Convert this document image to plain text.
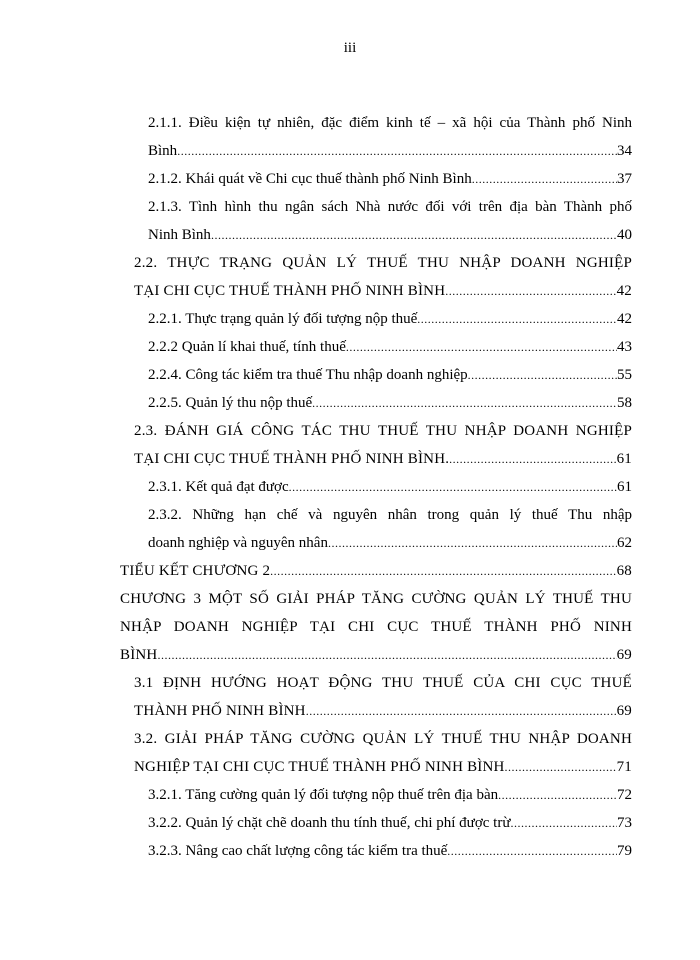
iii
2.1.1. Điều kiện tự nhiên, đặc điểm kinh tế – xã hội của Thành phố Ninh
Bình .....	34
2.1.2. Khái quát về Chi cục thuế thành phố Ninh Bình .....	37
2.1.3. Tình hình thu ngân sách Nhà nước đối với trên địa bàn Thành phố
Ninh Bình .....	40
2.2. THỰC TRẠNG QUẢN LÝ THUẾ THU NHẬP DOANH NGHIỆP
TẠI CHI CỤC THUẾ THÀNH PHỐ NINH BÌNH .....	42
2.2.1. Thực trạng quản lý đối tượng nộp thuế .....	42
2.2.2 Quản lí khai thuế, tính thuế .....	43
2.2.4. Công tác kiểm tra thuế Thu nhập doanh nghiệp .....	55
2.2.5. Quản lý thu nộp thuế .....	58
2.3. ĐÁNH GIÁ CÔNG TÁC THU THUẾ THU NHẬP DOANH NGHIỆP
TẠI CHI CỤC THUẾ THÀNH PHỐ NINH BÌNH. .....	61
2.3.1. Kết quả đạt được .....	61
2.3.2. Những hạn chế và nguyên nhân trong quản lý thuế Thu nhập
doanh nghiệp và nguyên nhân .....	62
TIỂU KẾT CHƯƠNG 2 .....	68
CHƯƠNG 3 MỘT SỐ GIẢI PHÁP TĂNG CƯỜNG QUẢN LÝ THUẾ THU
NHẬP DOANH NGHIỆP TẠI CHI CỤC THUẾ THÀNH PHỐ NINH
BÌNH .....	69
3.1 ĐỊNH HƯỚNG HOẠT ĐỘNG THU THUẾ CỦA CHI CỤC THUẾ
THÀNH PHỐ NINH BÌNH .....	69
3.2. GIẢI PHÁP TĂNG CƯỜNG QUẢN LÝ THUẾ THU NHẬP DOANH
NGHIỆP TẠI CHI CỤC THUẾ THÀNH PHỐ NINH BÌNH .....	71
3.2.1. Tăng cường quản lý đối tượng nộp thuế trên địa bàn .....	72
3.2.2. Quản lý chặt chẽ doanh thu tính thuế, chi phí được trừ .....	73
3.2.3. Nâng cao chất lượng công tác kiểm tra thuế .....	79
